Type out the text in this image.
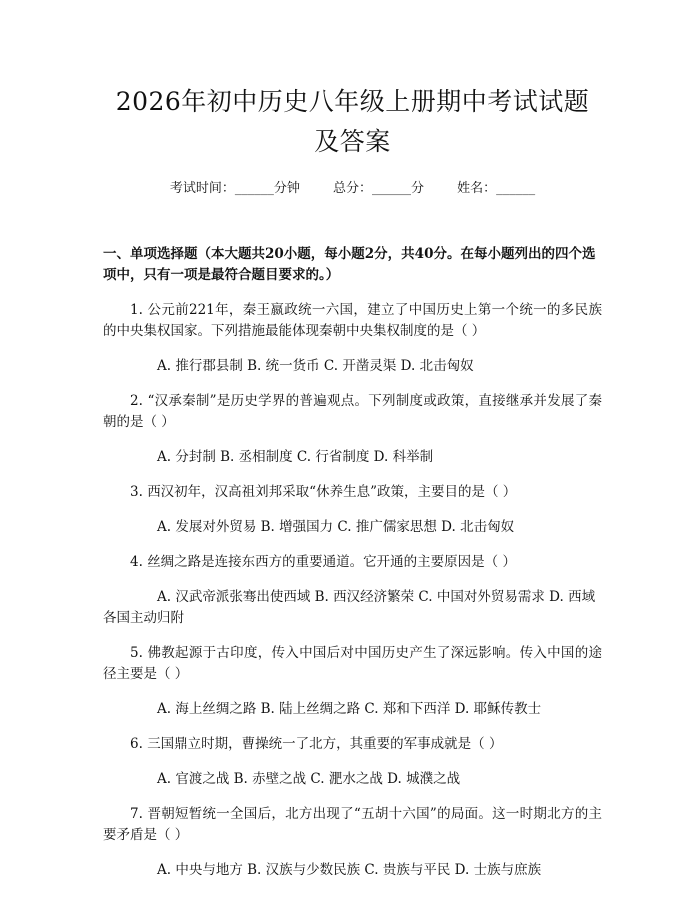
2026年初中历史八年级上册期中考试试题及答案
考试时间：______分钟	总分：______分	姓名：______
一、单项选择题（本大题共20小题，每小题2分，共40分。在每小题列出的四个选项中，只有一项是最符合题目要求的。）
1. 公元前221年，秦王嬴政统一六国，建立了中国历史上第一个统一的多民族的中央集权国家。下列措施最能体现秦朝中央集权制度的是（ ）
A. 推行郡县制 B. 统一货币 C. 开凿灵渠 D. 北击匈奴
2. “汉承秦制”是历史学界的普遍观点。下列制度或政策，直接继承并发展了秦朝的是（ ）
A. 分封制 B. 丞相制度 C. 行省制度 D. 科举制
3. 西汉初年，汉高祖刘邦采取“休养生息”政策，主要目的是（ ）
A. 发展对外贸易 B. 增强国力 C. 推广儒家思想 D. 北击匈奴
4. 丝绸之路是连接东西方的重要通道。它开通的主要原因是（ ）
A. 汉武帝派张骞出使西域 B. 西汉经济繁荣 C. 中国对外贸易需求 D. 西域各国主动归附
5. 佛教起源于古印度，传入中国后对中国历史产生了深远影响。传入中国的途径主要是（ ）
A. 海上丝绸之路 B. 陆上丝绸之路 C. 郑和下西洋 D. 耶稣传教士
6. 三国鼎立时期，曹操统一了北方，其重要的军事成就是（ ）
A. 官渡之战 B. 赤壁之战 C. 淝水之战 D. 城濮之战
7. 晋朝短暂统一全国后，北方出现了“五胡十六国”的局面。这一时期北方的主要矛盾是（ ）
A. 中央与地方 B. 汉族与少数民族 C. 贵族与平民 D. 士族与庶族
